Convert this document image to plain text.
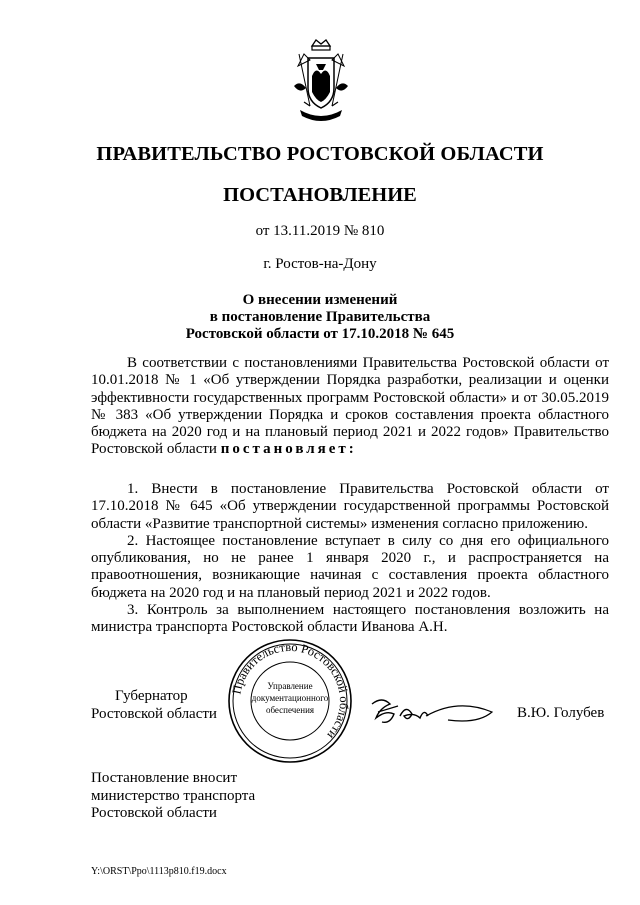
ПРАВИТЕЛЬСТВО РОСТОВСКОЙ ОБЛАСТИ
ПОСТАНОВЛЕНИЕ
от 13.11.2019 № 810
г. Ростов-на-Дону
О внесении изменений
в постановление Правительства
Ростовской области от 17.10.2018 № 645

В соответствии с постановлениями Правительства Ростовской области от 10.01.2018 № 1 «Об утверждении Порядка разработки, реализации и оценки эффективности государственных программ Ростовской области» и от 30.05.2019 № 383 «Об утверждении Порядка и сроков составления проекта областного бюджета на 2020 год и на плановый период 2021 и 2022 годов» Правительство Ростовской области постановляет:

1. Внести в постановление Правительства Ростовской области от 17.10.2018 № 645 «Об утверждении государственной программы Ростовской области «Развитие транспортной системы» изменения согласно приложению.

2. Настоящее постановление вступает в силу со дня его официального опубликования, но не ранее 1 января 2020 г., и распространяется на правоотношения, возникающие начиная с составления проекта областного бюджета на 2020 год и на плановый период 2021 и 2022 годов.

3. Контроль за выполнением настоящего постановления возложить на министра транспорта Ростовской области Иванова А.Н.

Губернатор
Ростовской области
Правительство Ростовской области
Управление
документационного
обеспечения	В.Ю. Голубев
Постановление вносит
министерство транспорта
Ростовской области
Y:\ORST\Ppo\1113p810.f19.docx
